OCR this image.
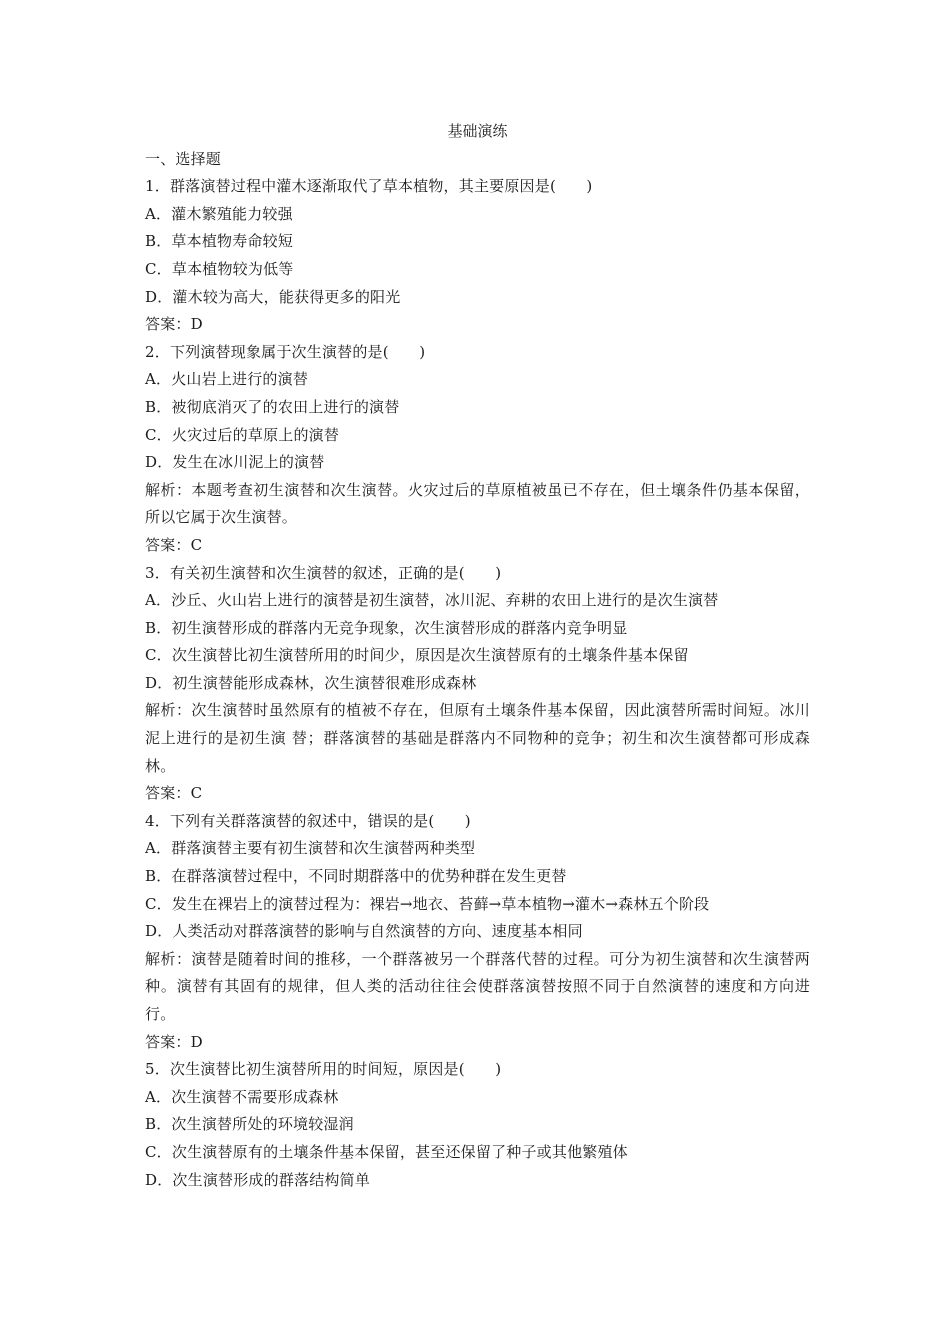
基础演练

一、选择题

1．群落演替过程中灌木逐渐取代了草本植物，其主要原因是(　　)

A．灌木繁殖能力较强

B．草本植物寿命较短

C．草本植物较为低等

D．灌木较为高大，能获得更多的阳光

答案：D

2．下列演替现象属于次生演替的是(　　)

A．火山岩上进行的演替

B．被彻底消灭了的农田上进行的演替

C．火灾过后的草原上的演替

D．发生在冰川泥上的演替

解析：本题考查初生演替和次生演替。火灾过后的草原植被虽已不存在，但土壤条件仍基本保留，所以它属于次生演替。

答案：C

3．有关初生演替和次生演替的叙述，正确的是(　　)

A．沙丘、火山岩上进行的演替是初生演替，冰川泥、弃耕的农田上进行的是次生演替

B．初生演替形成的群落内无竞争现象，次生演替形成的群落内竞争明显

C．次生演替比初生演替所用的时间少，原因是次生演替原有的土壤条件基本保留

D．初生演替能形成森林，次生演替很难形成森林

解析：次生演替时虽然原有的植被不存在，但原有土壤条件基本保留，因此演替所需时间短。冰川泥上进行的是初生演 替；群落演替的基础是群落内不同物种的竞争；初生和次生演替都可形成森林。

答案：C

4．下列有关群落演替的叙述中，错误的是(　　)

A．群落演替主要有初生演替和次生演替两种类型

B．在群落演替过程中，不同时期群落中的优势种群在发生更替

C．发生在裸岩上的演替过程为：裸岩→地衣、苔藓→草本植物→灌木→森林五个阶段

D．人类活动对群落演替的影响与自然演替的方向、速度基本相同

解析：演替是随着时间的推移，一个群落被另一个群落代替的过程。可分为初生演替和次生演替两种。演替有其固有的规律，但人类的活动往往会使群落演替按照不同于自然演替的速度和方向进行。

答案：D

5．次生演替比初生演替所用的时间短，原因是(　　)

A．次生演替不需要形成森林

B．次生演替所处的环境较湿润

C．次生演替原有的土壤条件基本保留，甚至还保留了种子或其他繁殖体

D．次生演替形成的群落结构简单
